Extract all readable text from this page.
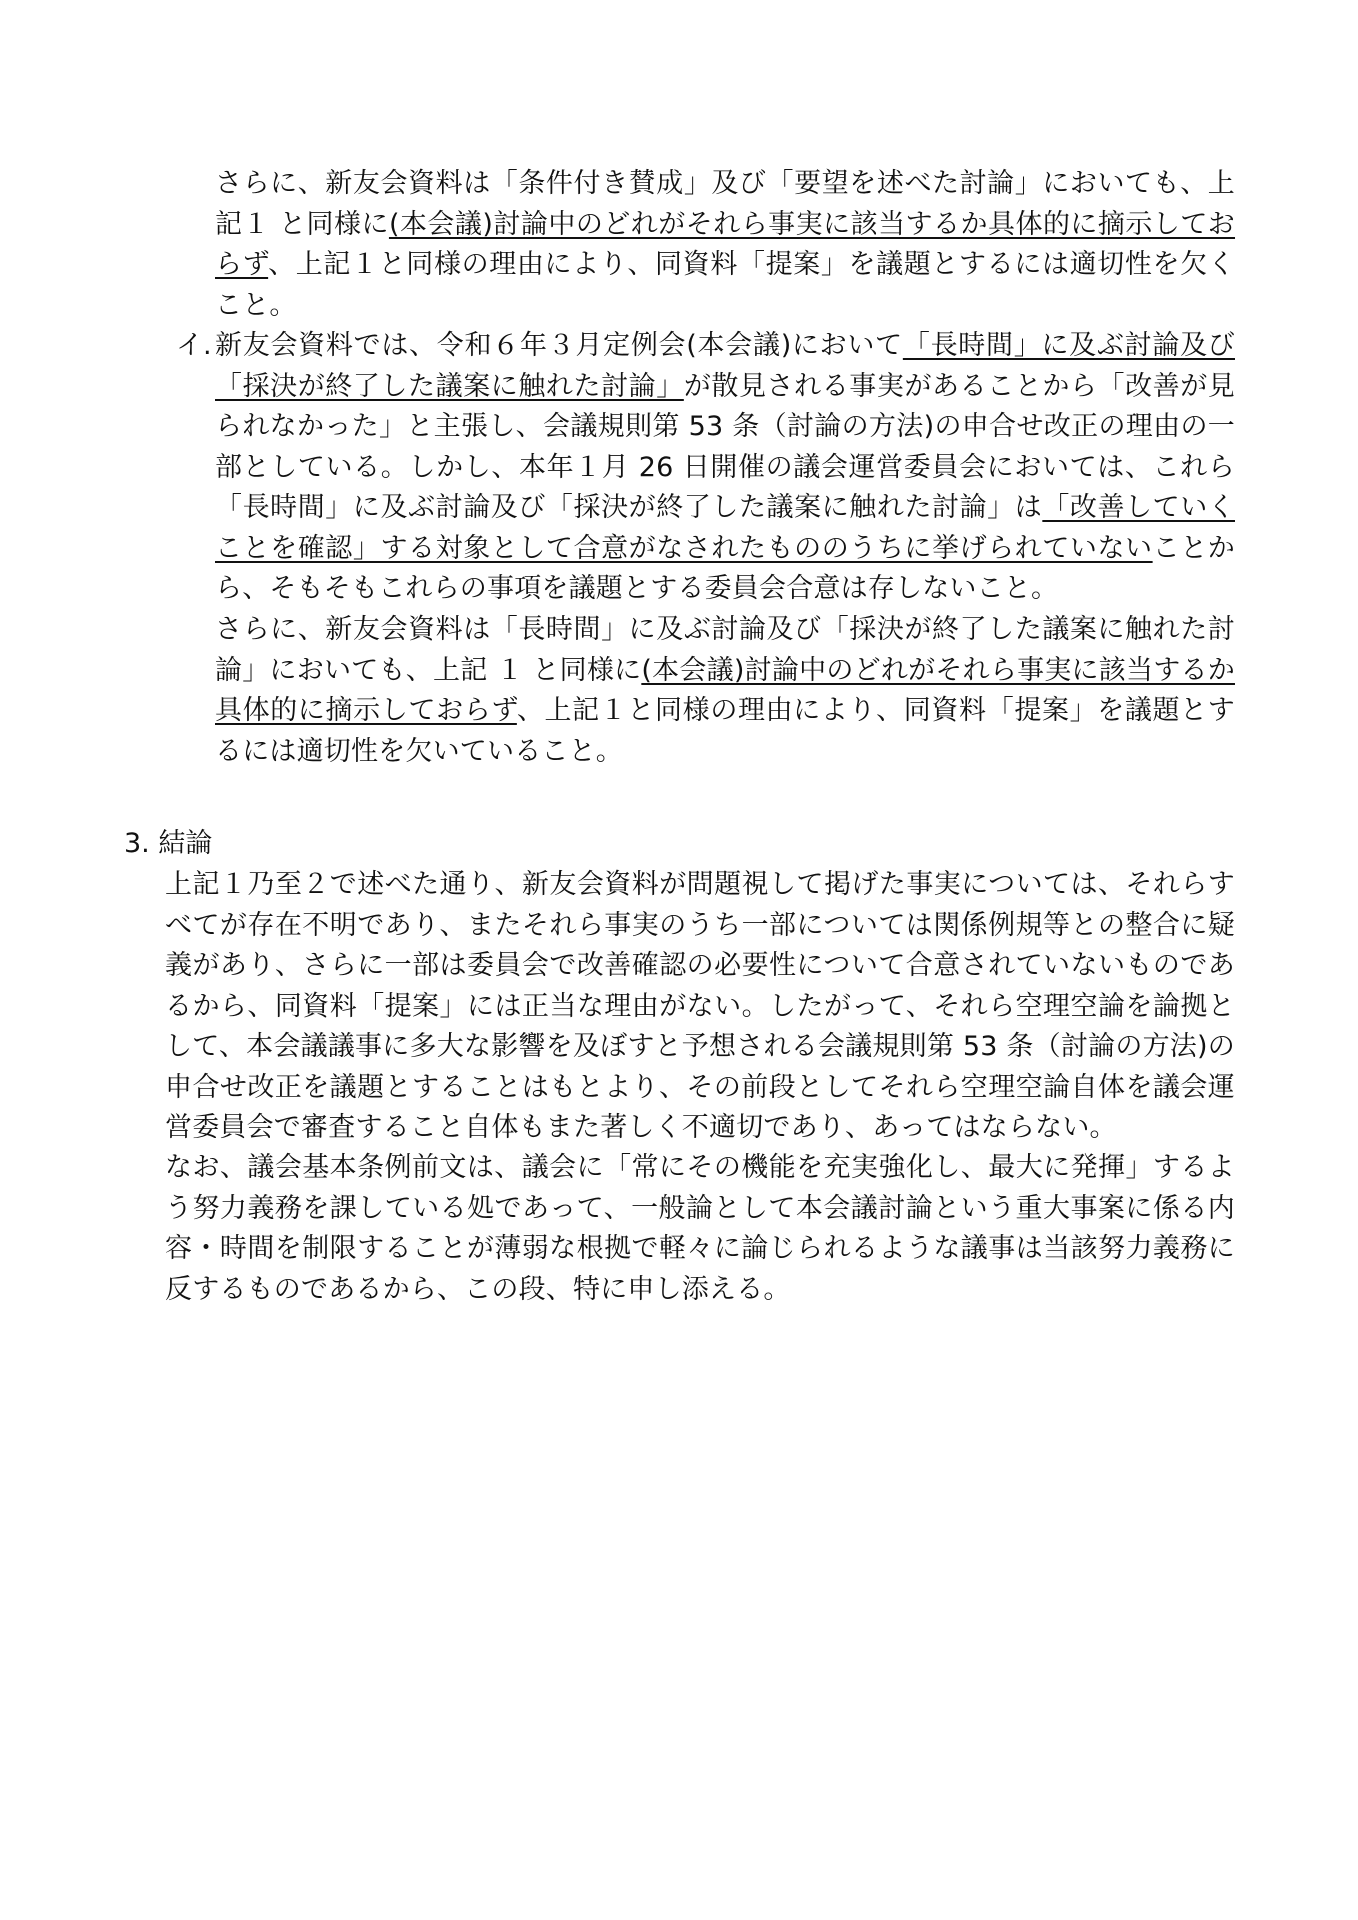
さらに、新友会資料は「条件付き賛成」及び「要望を述べた討論」においても、上記１ と同様に(本会議)討論中のどれがそれら事実に該当するか具体的に摘示しておらず、上記１と同様の理由により、同資料「提案」を議題とするには適切性を欠くこと。
イ. 新友会資料では、令和６年３月定例会(本会議)において「長時間」に及ぶ討論及び「採決が終了した議案に触れた討論」が散見される事実があることから「改善が見られなかった」と主張し、会議規則第 53 条（討論の方法)の申合せ改正の理由の一部としている。しかし、本年１月 26 日開催の議会運営委員会においては、これら「長時間」に及ぶ討論及び「採決が終了した議案に触れた討論」は「改善していくことを確認」する対象として合意がなされたもののうちに挙げられていないことから、そもそもこれらの事項を議題とする委員会合意は存しないこと。
さらに、新友会資料は「長時間」に及ぶ討論及び「採決が終了した議案に触れた討論」においても、上記 １ と同様に(本会議)討論中のどれがそれら事実に該当するか具体的に摘示しておらず、上記１と同様の理由により、同資料「提案」を議題とするには適切性を欠いていること。
3. 結論
上記１乃至２で述べた通り、新友会資料が問題視して掲げた事実については、それらすべてが存在不明であり、またそれら事実のうち一部については関係例規等との整合に疑義があり、さらに一部は委員会で改善確認の必要性について合意されていないものであるから、同資料「提案」には正当な理由がない。したがって、それら空理空論を論拠として、本会議議事に多大な影響を及ぼすと予想される会議規則第 53 条（討論の方法)の申合せ改正を議題とすることはもとより、その前段としてそれら空理空論自体を議会運営委員会で審査すること自体もまた著しく不適切であり、あってはならない。
なお、議会基本条例前文は、議会に「常にその機能を充実強化し、最大に発揮」するよう努力義務を課している処であって、一般論として本会議討論という重大事案に係る内容・時間を制限することが薄弱な根拠で軽々に論じられるような議事は当該努力義務に反するものであるから、この段、特に申し添える。
